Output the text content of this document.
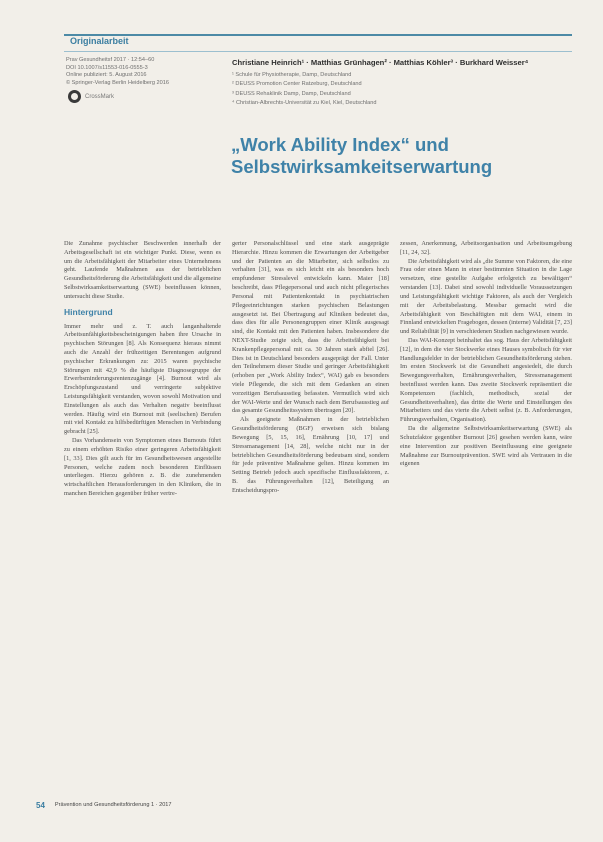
Originalarbeit
Prav Gesundheitsf 2017 · 12:54–60
DOI 10.1007/s11553-016-0555-3
Online publiziert: 5. August 2016
© Springer-Verlag Berlin Heidelberg 2016
CrossMark
Christiane Heinrich¹ · Matthias Grünhagen² · Matthias Köhler³ · Burkhard Weisser⁴
¹ Schule für Physiotherapie, Damp, Deutschland
² DEUSS Promotion Center Ratzeburg, Deutschland
³ DEUSS Rehaklinik Damp, Damp, Deutschland
⁴ Christian-Albrechts-Universität zu Kiel, Kiel, Deutschland
„Work Ability Index“ und Selbstwirksamkeitserwartung

Die Zunahme psychischer Beschwerden innerhalb der Arbeitsgesellschaft ist ein wichtiger Punkt. Diese, wenn es um die Arbeitsfähigkeit der Mitarbeiter eines Unternehmens geht. Laufende Maßnahmen aus der betrieblichen Gesundheitsförderung die Arbeitsfähigkeit und die allgemeine Selbstwirksamkeitserwartung (SWE) beeinflussen können, untersucht diese Studie.

Hintergrund

Immer mehr und z. T. auch langanhaltende Arbeitsunfähigkeitsbescheinigungen haben ihre Ursache in psychischen Störungen [8]. Als Konsequenz hieraus nimmt auch die Anzahl der frühzeitigen Berentungen aufgrund psychischer Erkrankungen zu: 2015 waren psychische Störungen mit 42,9 % die häufigste Diagnosegruppe der Erwerbsminderungsrentenzugänge [4]. Burnout wird als Erschöpfungszustand und verringerte subjektive Leistungsfähigkeit verstanden, wovon sowohl Motivation und Einstellungen als auch das Verhalten negativ beeinflusst werden. Häufig wird ein Burnout mit (seelischen) Berufen mit viel Kontakt zu hilfsbedürftigen Menschen in Verbindung gebracht [25].

Das Vorhandensein von Symptomen eines Burnouts führt zu einem erhöhten Risiko einer geringeren Arbeitsfähigkeit [1, 33]. Dies gilt auch für im Gesundheitswesen angestellte Personen, welche zudem noch besonderen Einflüssen unterliegen. Hierzu gehören z. B. die zunehmenden wirtschaftlichen Herausforderungen in den Kliniken, die in manchen Bereichen gegenüber früher vertre-

gerter Personalschlüssel und eine stark ausgeprägte Hierarchie. Hinzu kommen die Erwartungen der Arbeitgeber und der Patienten an die Mitarbeiter, sich selbstlos zu verhalten [31], was es sich leicht ein als besonders hoch empfundener Stresslevel entwickeln kann. Maier [18] beschreibt, dass Pflegepersonal und auch nicht pflegerisches Personal mit Patientenkontakt in psychiatrischen Pflegeeinrichtungen starken psychischen Belastungen ausgesetzt ist. Bei Übertragung auf Kliniken bedeutet das, dass dies für alle Personengruppen einer Klinik ausgesagt sind, die Kontakt mit den Patienten haben. Insbesondere die NEXT-Studie zeigte sich, dass die Arbeitsfähigkeit bei Krankenpflegepersonal mit ca. 30 Jahren stark abfiel [26]. Dies ist in Deutschland besonders ausgeprägt der Fall. Unter den Teilnehmern dieser Studie und geringer Arbeitsfähigkeit (erhoben per „Work Ability Index“, WAI) gab es besonders viele Pflegende, die sich mit dem Gedanken an einen vorzeitigen Berufsausstieg befassten. Vermutlich wird sich der WAI-Werte und der Wunsch nach dem Berufsausstieg auf das gesamte Gesundheitssystem übertragen [20].

Als geeignete Maßnahmen in der betrieblichen Gesundheitsförderung (BGF) erweisen sich bislang Bewegung [5, 15, 16], Ernährung [10, 17] und Stressmanagement [14, 28], welche nicht nur in der betrieblichen Gesundheitsförderung bedeutsam sind, sondern für jede präventive Maßnahme gelten. Hinzu kommen im Setting Betrieb jedoch auch spezifische Einflussfaktoren, z. B. das Führungsverhalten [12], Beteiligung an Entscheidungspro-

zessen, Anerkennung, Arbeitsorganisation und Arbeitsumgebung [11, 24, 32].

Die Arbeitsfähigkeit wird als „die Summe von Faktoren, die eine Frau oder einen Mann in einer bestimmten Situation in die Lage versetzen, eine gestellte Aufgabe erfolgreich zu bewältigen“ verstanden [13]. Dabei sind sowohl individuelle Voraussetzungen und Leistungsfähigkeit wichtige Faktoren, als auch der Vergleich mit der Arbeitsbelastung. Messbar gemacht wird die Arbeitsfähigkeit von Beschäftigten mit dem WAI, einem in Finnland entwickelten Fragebogen, dessen (interne) Validität [7, 23] und Reliabilität [9] in verschiedenen Studien nachgewiesen wurde.

Das WAI-Konzept beinhaltet das sog. Haus der Arbeitsfähigkeit [12], in dem die vier Stockwerke eines Hauses symbolisch für vier Handlungsfelder in der betrieblichen Gesundheitsförderung stehen. Im ersten Stockwerk ist die Gesundheit angesiedelt, die durch Bewegungsverhalten, Ernährungsverhalten, Stressmanagement beeinflusst werden kann. Das zweite Stockwerk repräsentiert die Kompetenzen (fachlich, methodisch, sozial der Gesundheitsverhalten), das dritte die Werte und Einstellungen des Mitarbeiters und das vierte die Arbeit selbst (z. B. Anforderungen, Führungsverhalten, Organisation).

Da die allgemeine Selbstwirksamkeitserwartung (SWE) als Schutzfaktor gegenüber Burnout [26] gesehen werden kann, wäre eine Intervention zur positiven Beeinflussung eine geeignete Maßnahme zur Burnoutprävention. SWE wird als Vertrauen in die eigenen

54 Prävention und Gesundheitsförderung 1 · 2017
